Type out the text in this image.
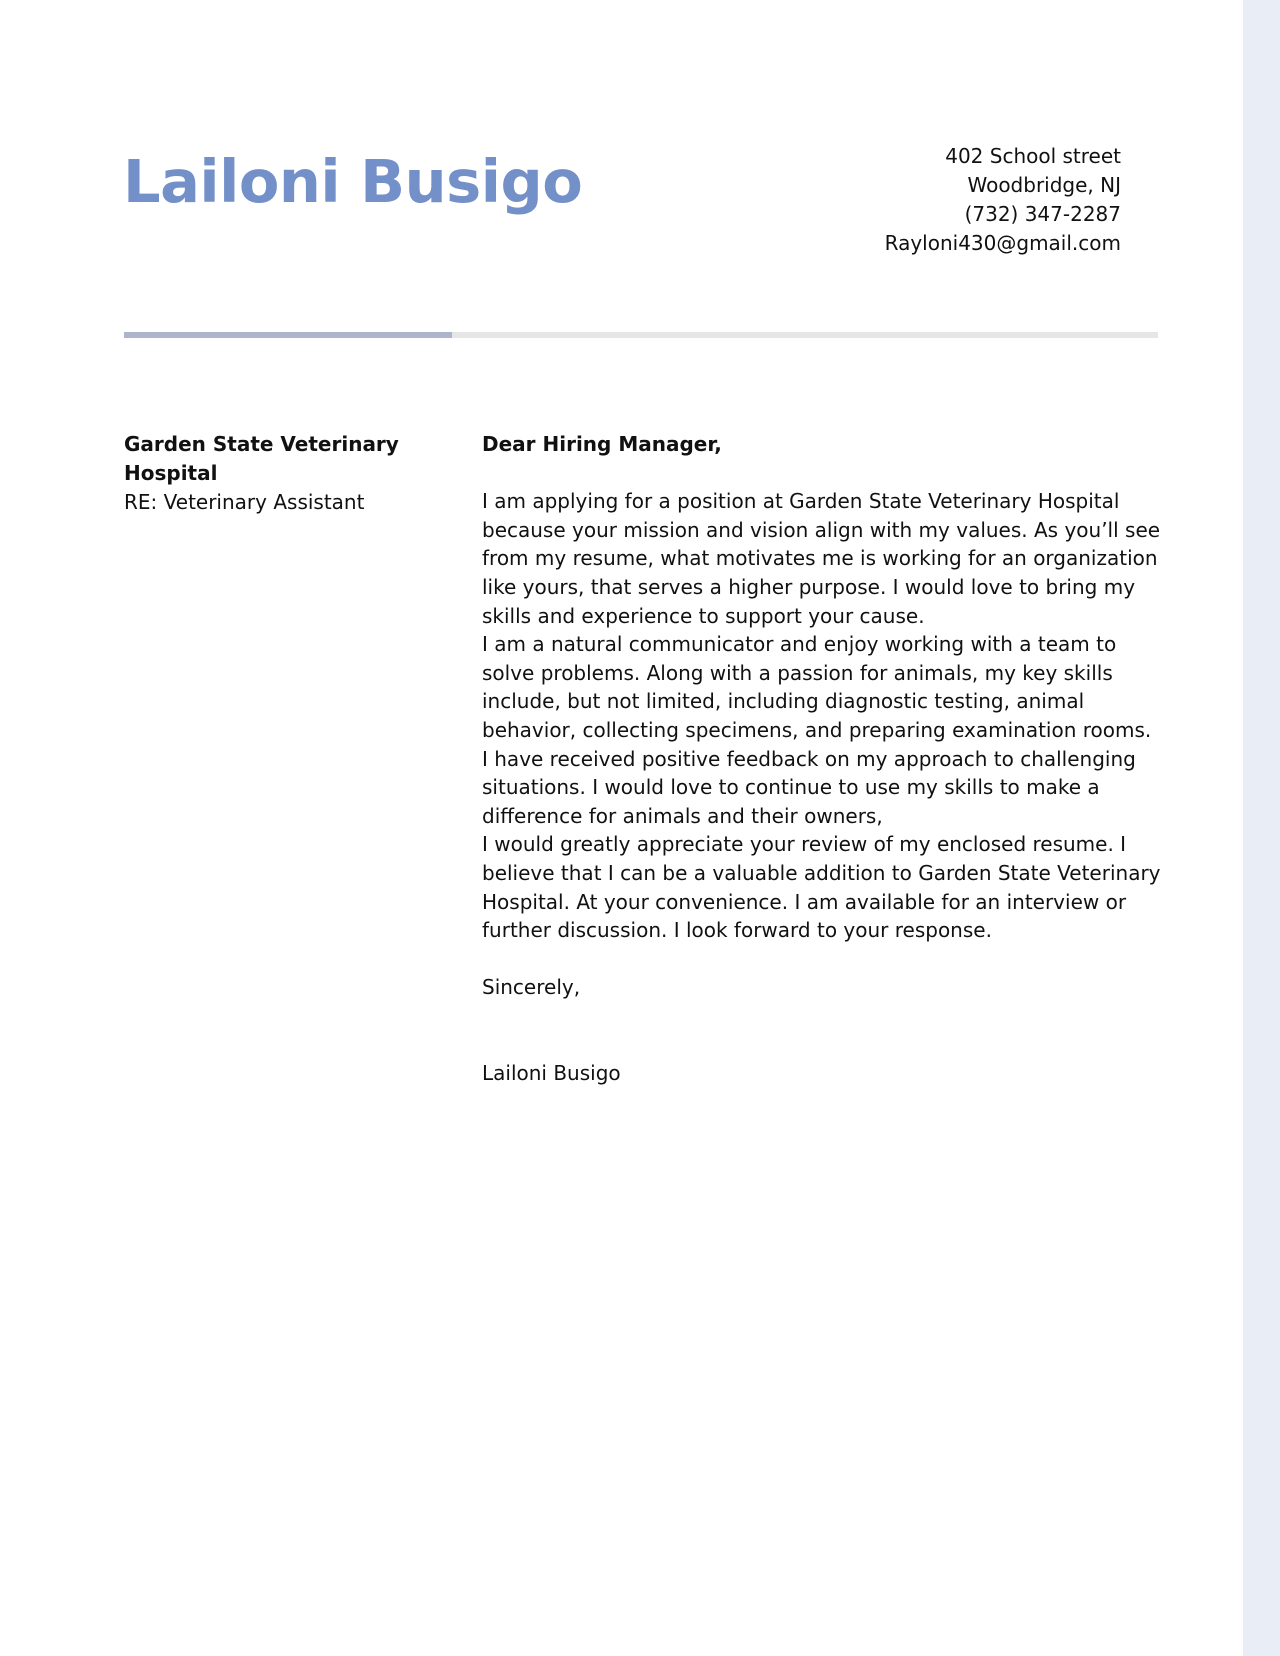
Lailoni Busigo	402 School street
Woodbridge, NJ
(732) 347-2287
Rayloni430@gmail.com
Garden State Veterinary Hospital
RE: Veterinary Assistant

Dear Hiring Manager,

I am applying for a position at Garden State Veterinary Hospital because your mission and vision align with my values. As you’ll see from my resume, what motivates me is working for an organization like yours, that serves a higher purpose. I would love to bring my skills and experience to support your cause.

I am a natural communicator and enjoy working with a team to solve problems. Along with a passion for animals, my key skills include, but not limited, including diagnostic testing, animal behavior, collecting specimens, and preparing examination rooms. I have received positive feedback on my approach to challenging situations. I would love to continue to use my skills to make a difference for animals and their owners,

I would greatly appreciate your review of my enclosed resume. I believe that I can be a valuable addition to Garden State Veterinary Hospital. At your convenience. I am available for an interview or further discussion. I look forward to your response.

Sincerely,

Lailoni Busigo
